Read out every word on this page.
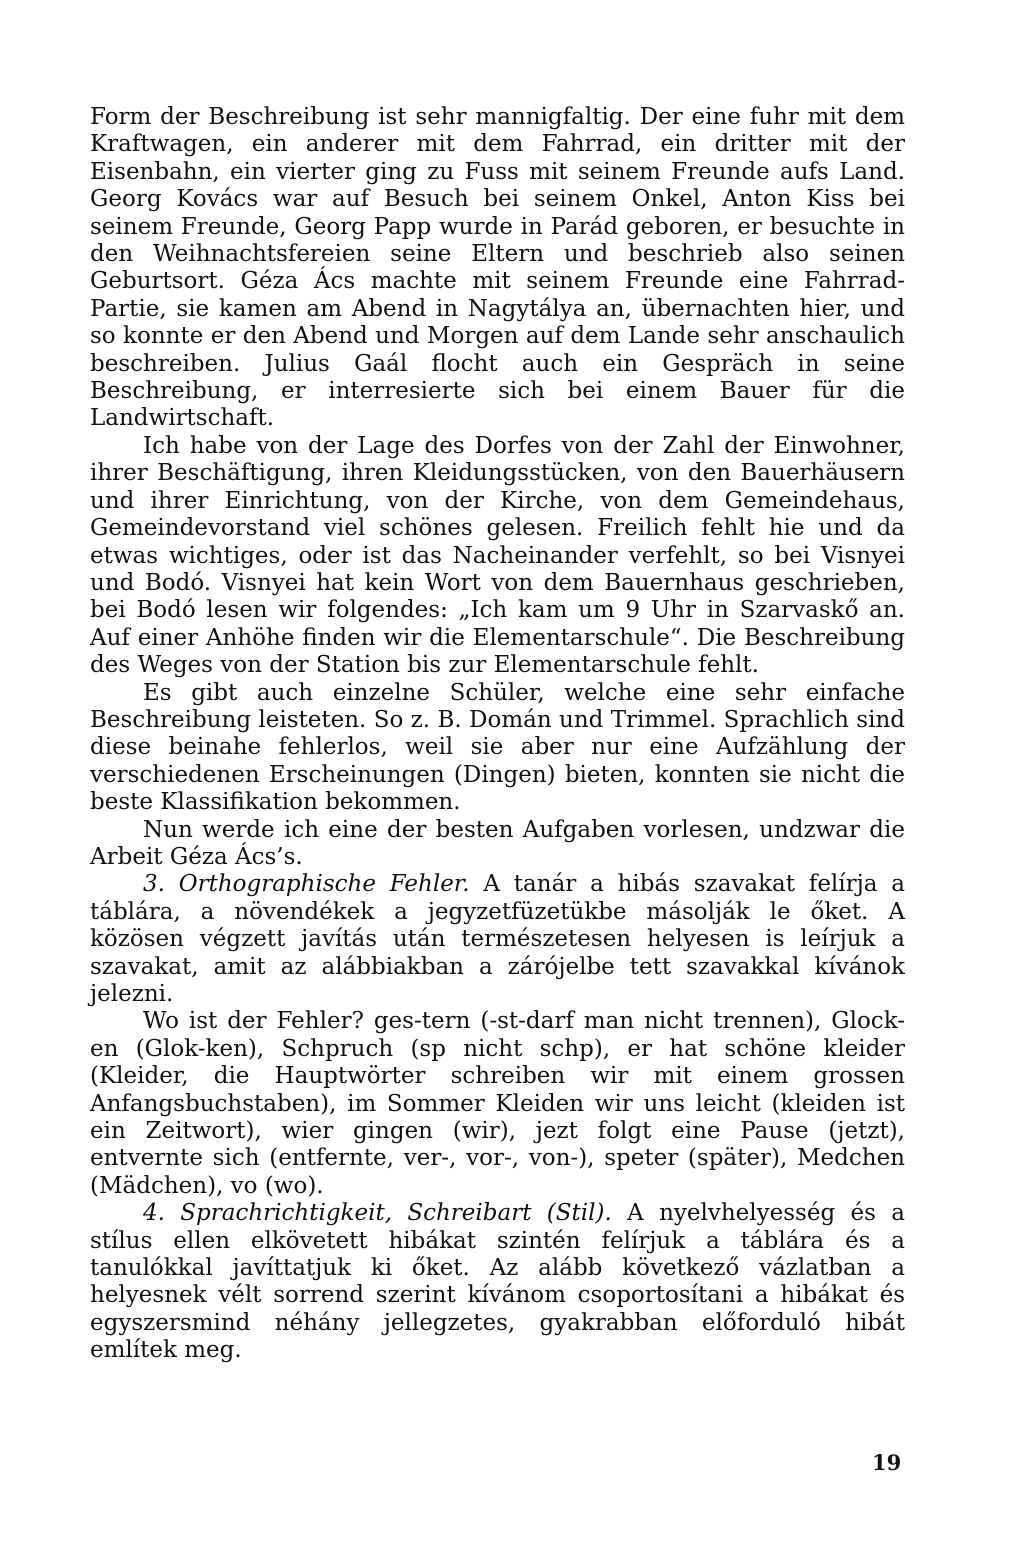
Form der Beschreibung ist sehr mannigfaltig. Der eine fuhr mit dem Kraftwagen, ein anderer mit dem Fahrrad, ein dritter mit der Eisenbahn, ein vierter ging zu Fuss mit seinem Freunde aufs Land. Georg Kovács war auf Besuch bei seinem Onkel, Anton Kiss bei seinem Freunde, Georg Papp wurde in Parád geboren, er besuchte in den Weihnachtsfereien seine Eltern und beschrieb also seinen Geburtsort. Géza Ács machte mit seinem Freunde eine Fahrrad-Partie, sie kamen am Abend in Nagytálya an, übernachten hier, und so konnte er den Abend und Morgen auf dem Lande sehr anschaulich beschreiben. Julius Gaál flocht auch ein Gespräch in seine Beschreibung, er interresierte sich bei einem Bauer für die Landwirtschaft.

Ich habe von der Lage des Dorfes von der Zahl der Einwohner, ihrer Beschäftigung, ihren Kleidungsstücken, von den Bauerhäusern und ihrer Einrichtung, von der Kirche, von dem Gemeindehaus, Gemeindevorstand viel schönes gelesen. Freilich fehlt hie und da etwas wichtiges, oder ist das Nacheinander verfehlt, so bei Visnyei und Bodó. Visnyei hat kein Wort von dem Bauernhaus geschrieben, bei Bodó lesen wir folgendes: „Ich kam um 9 Uhr in Szarvaskő an. Auf einer Anhöhe finden wir die Elementarschule“. Die Beschreibung des Weges von der Station bis zur Elementarschule fehlt.

Es gibt auch einzelne Schüler, welche eine sehr einfache Beschreibung leisteten. So z. B. Domán und Trimmel. Sprachlich sind diese beinahe fehlerlos, weil sie aber nur eine Aufzählung der verschiedenen Erscheinungen (Dingen) bieten, konnten sie nicht die beste Klassifikation bekommen.

Nun werde ich eine der besten Aufgaben vorlesen, undzwar die Arbeit Géza Ács’s.

3. Orthographische Fehler. A tanár a hibás szavakat felírja a táblára, a növendékek a jegyzetfüzetükbe másolják le őket. A közösen végzett javítás után természetesen helyesen is leírjuk a szavakat, amit az alábbiakban a zárójelbe tett szavakkal kívánok jelezni.

Wo ist der Fehler? ges-tern (-st-darf man nicht trennen), Glock-en (Glok-ken), Schpruch (sp nicht schp), er hat schöne kleider (Kleider, die Hauptwörter schreiben wir mit einem grossen Anfangsbuchstaben), im Sommer Kleiden wir uns leicht (kleiden ist ein Zeitwort), wier gingen (wir), jezt folgt eine Pause (jetzt), entvernte sich (entfernte, ver-, vor-, von-), speter (später), Medchen (Mädchen), vo (wo).

4. Sprachrichtigkeit, Schreibart (Stil). A nyelvhelyesség és a stílus ellen elkövetett hibákat szintén felírjuk a táblára és a tanulókkal javíttatjuk ki őket. Az alább következő vázlatban a helyesnek vélt sorrend szerint kívánom csoportosítani a hibákat és egyszersmind néhány jellegzetes, gyakrabban előforduló hibát említek meg.

19
